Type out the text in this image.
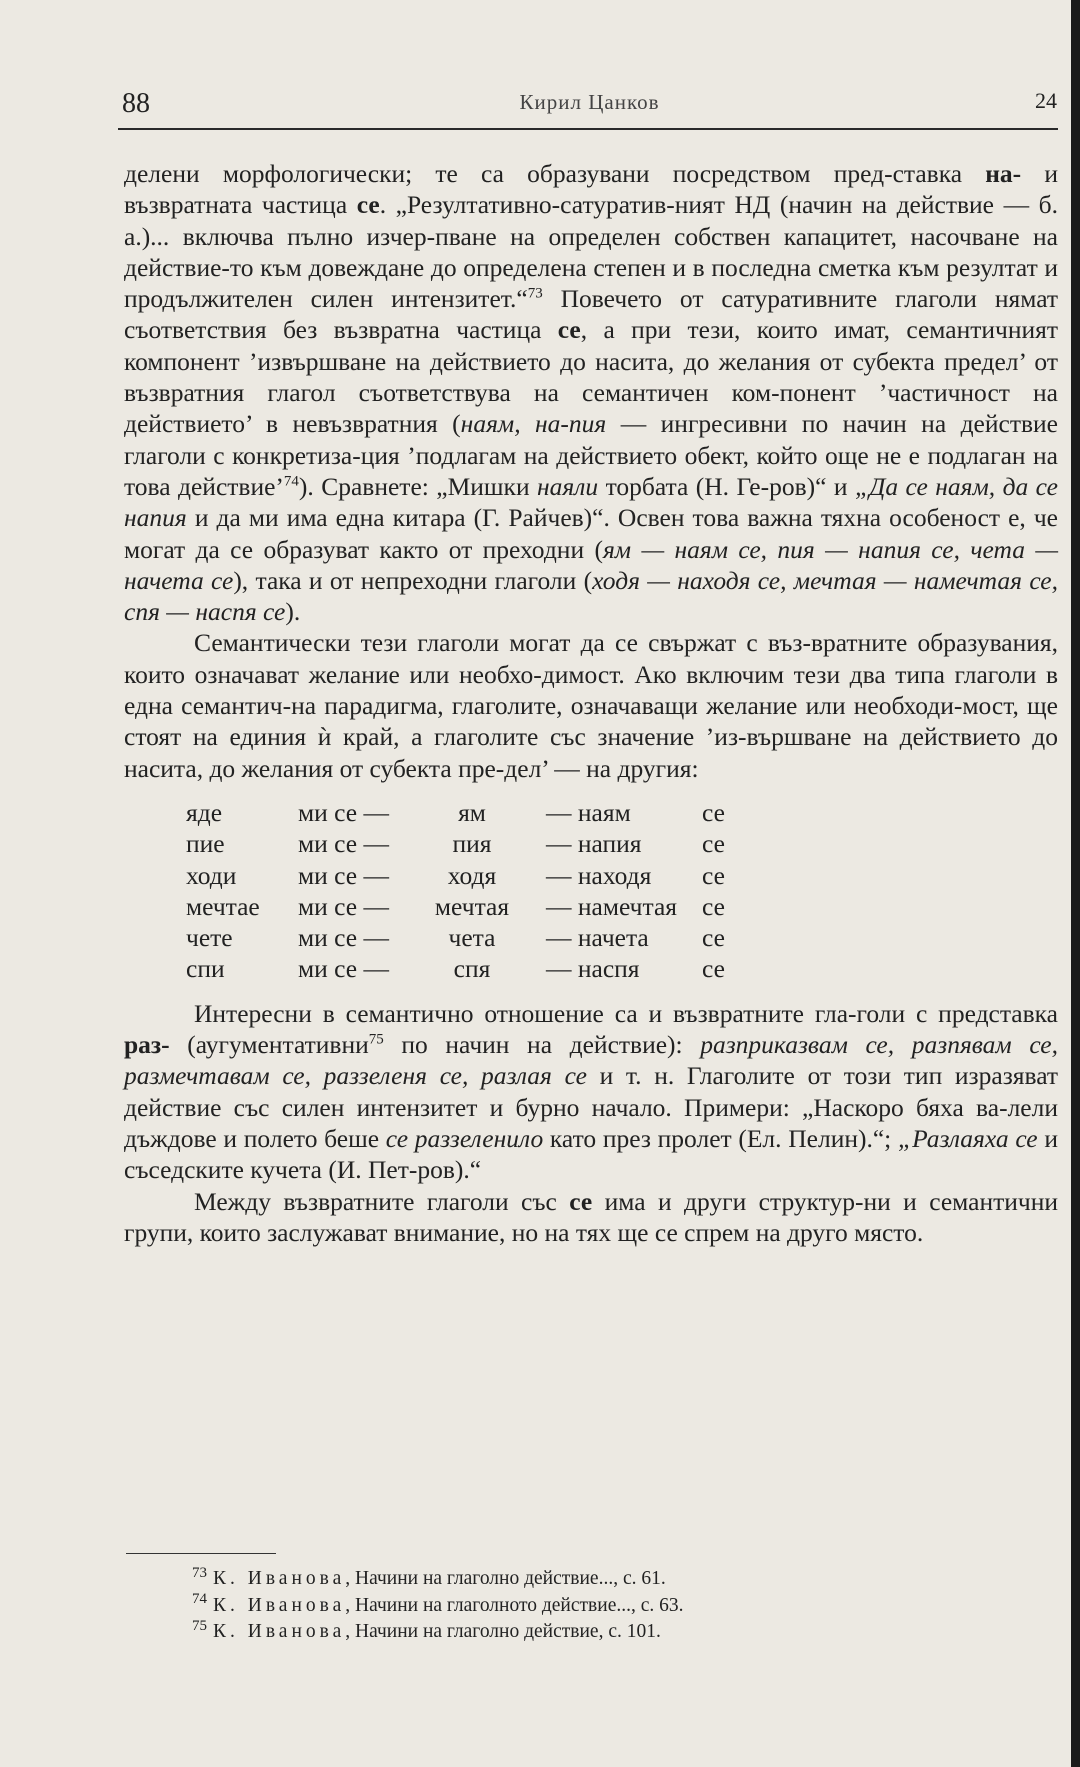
88	Кирил Цанков	24

делени морфологически; те са образувани посредством пред-ставка на- и възвратната частица се. „Резултативно-сатуратив-ният НД (начин на действие — б. а.)... включва пълно изчер-пване на определен собствен капацитет, насочване на действие-то към довеждане до определена степен и в последна сметка към резултат и продължителен силен интензитет.“$^{73}$ Повечето от сатуративните глаголи нямат съответствия без възвратна частица се, а при тези, които имат, семантичният компонент ’извършване на действието до насита, до желания от субекта предел’ от възвратния глагол съответствува на семантичен ком-понент ’частичност на действието’ в невъзвратния (наям, на-пия — ингресивни по начин на действие глаголи с конкретиза-ция ’подлагам на действието обект, който още не е подлаган на това действие’$^{74}$). Сравнете: „Мишки наяли торбата (Н. Ге-ров)“ и „Да се наям, да се напия и да ми има една китара (Г. Райчев)“. Освен това важна тяхна особеност е, че могат да се образуват както от преходни (ям — наям се, пия — напия се, чета — начета се), така и от непреходни глаголи (ходя — находя се, мечтая — намечтая се, спя — наспя се).

Семантически тези глаголи могат да се свържат с въз-вратните образувания, които означават желание или необхо-димост. Ако включим тези два типа глаголи в една семантич-на парадигма, глаголите, означаващи желание или необходи-мост, ще стоят на единия ѝ край, а глаголите със значение ’из-вършване на действието до насита, до желания от субекта пре-дел’ — на другия:

яде	ми се —	ям	— наям	се
пие	ми се —	пия	— напия	се
ходи	ми се —	ходя	— находя	се
мечтае	ми се —	мечтая	— намечтая	се
чете	ми се —	чета	— начета	се
спи	ми се —	спя	— наспя	се

Интересни в семантично отношение са и възвратните гла-голи с представка раз- (аугументативни$^{75}$ по начин на действие): разприказвам се, разпявам се, размечтавам се, раззеленя се, разлая се и т. н. Глаголите от този тип изразяват действие със силен интензитет и бурно начало. Примери: „Наскоро бяха ва-лели дъждове и полето беше се раззеленило като през пролет (Ел. Пелин).“; „Разлаяха се и съседските кучета (И. Пет-ров).“

Между възвратните глаголи със се има и други структур-ни и семантични групи, които заслужават внимание, но на тях ще се спрем на друго място.

$^{73}$ К. Иванова, Начини на глаголно действие..., с. 61.
$^{74}$ К. Иванова, Начини на глаголното действие..., с. 63.
$^{75}$ К. Иванова, Начини на глаголно действие, с. 101.
